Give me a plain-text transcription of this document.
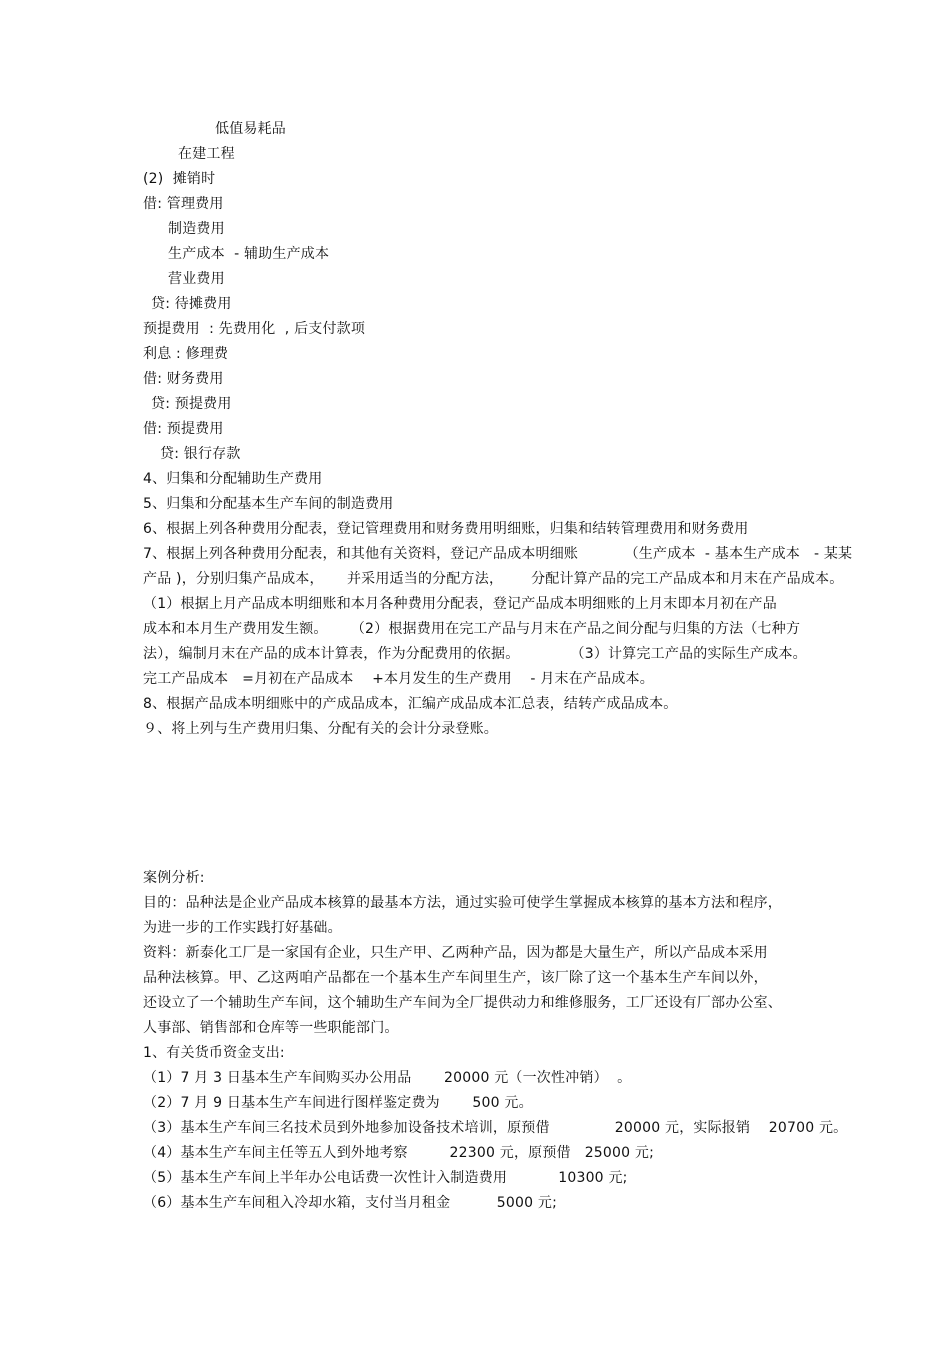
低值易耗品
在建工程
(2)  摊销时
借: 管理费用
制造费用
生产成本  - 辅助生产成本
营业费用
贷: 待摊费用
预提费用  : 先费用化  , 后支付款项
利息 : 修理费
借: 财务费用
贷: 预提费用
借: 预提费用
贷: 银行存款
4、归集和分配辅助生产费用
5、归集和分配基本生产车间的制造费用
6、根据上列各种费用分配表，登记管理费用和财务费用明细账，归集和结转管理费用和财务费用
7、根据上列各种费用分配表，和其他有关资料，登记产品成本明细账          （生产成本  - 基本生产成本   - 某某
产品 )，分别归集产品成本，     并采用适当的分配方法，      分配计算产品的完工产品成本和月末在产品成本。
（1）根据上月产品成本明细账和本月各种费用分配表，登记产品成本明细账的上月末即本月初在产品
成本和本月生产费用发生额。     （2）根据费用在完工产品与月末在产品之间分配与归集的方法（七种方
法），编制月末在产品的成本计算表，作为分配费用的依据。           （3）计算完工产品的实际生产成本。
完工产品成本   =月初在产品成本    +本月发生的生产费用    - 月末在产品成本。
8、根据产品成本明细账中的产成品成本，汇编产成品成本汇总表，结转产成品成本。
９、将上列与生产费用归集、分配有关的会计分录登账。
案例分析:
目的：品种法是企业产品成本核算的最基本方法，通过实验可使学生掌握成本核算的基本方法和程序，
为进一步的工作实践打好基础。
资料：新泰化工厂是一家国有企业，只生产甲、乙两种产品，因为都是大量生产，所以产品成本采用
品种法核算。甲、乙这两咱产品都在一个基本生产车间里生产，该厂除了这一个基本生产车间以外，
还设立了一个辅助生产车间，这个辅助生产车间为全厂提供动力和维修服务，工厂还设有厂部办公室、
人事部、销售部和仓库等一些职能部门。
1、有关货币资金支出:
（1）7 月 3 日基本生产车间购买办公用品       20000 元（一次性冲销）  。
（2）7 月 9 日基本生产车间进行图样鉴定费为       500 元。
（3）基本生产车间三名技术员到外地参加设备技术培训，原预借              20000 元，实际报销    20700 元。
（4）基本生产车间主任等五人到外地考察         22300 元，原预借   25000 元;
（5）基本生产车间上半年办公电话费一次性计入制造费用           10300 元;
（6）基本生产车间租入冷却水箱，支付当月租金          5000 元;
